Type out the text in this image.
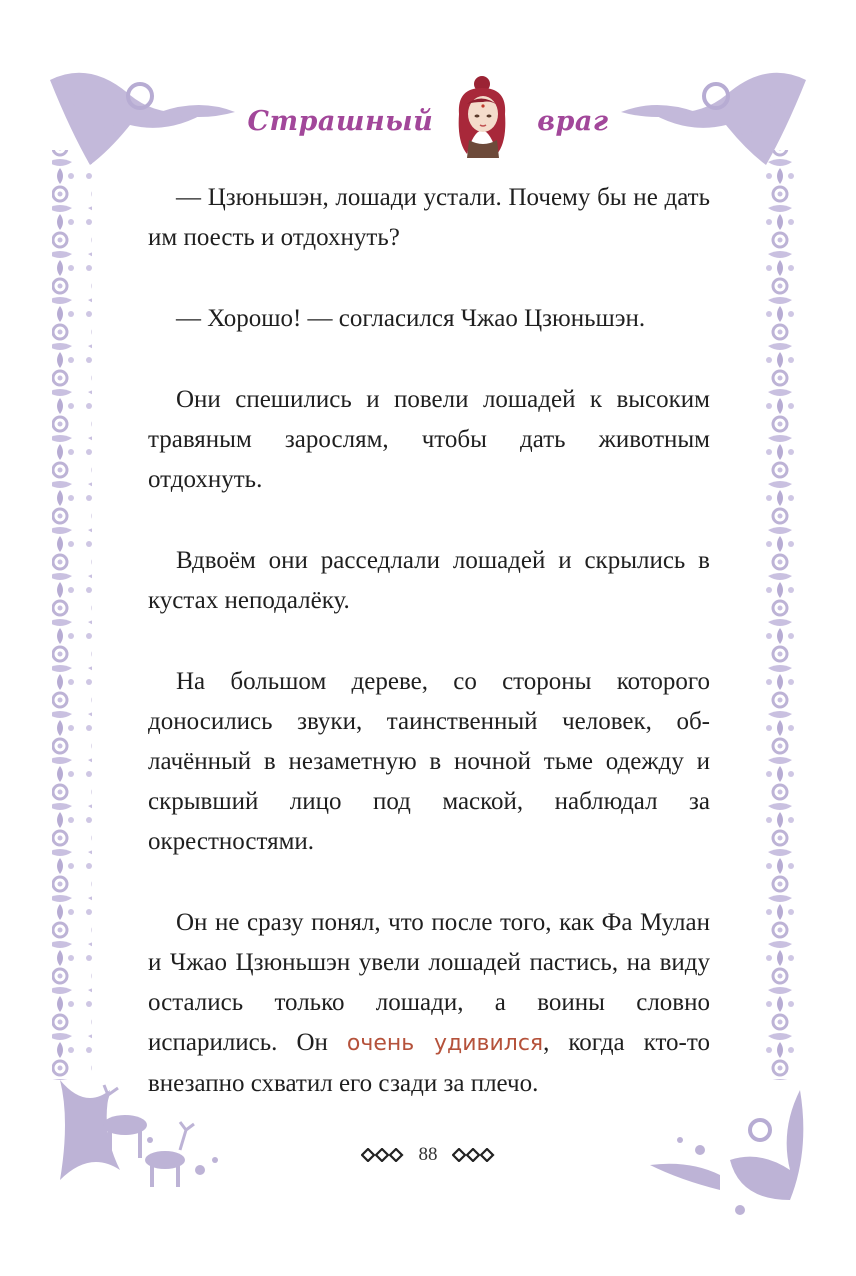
Страшный	враг

— Цзюньшэн, лошади устали. Почему бы не дать им поесть и отдохнуть?

— Хорошо! — согласился Чжао Цзюньшэн.

Они спешились и повели лошадей к высоким травяным зарослям, чтобы дать животным отдохнуть.

Вдвоём они расседлали лошадей и скрылись в кустах неподалёку.

На большом дереве, со стороны которого доносились звуки, таинственный человек, облачённый в незаметную в ночной тьме одежду и скрывший лицо под маской, наблюдал за окрестностями.

Он не сразу понял, что после того, как Фа Мулан и Чжао Цзюньшэн увели лошадей пастись, на виду остались только лошади, а воины словно испарились. Он очень удивился, когда кто-то внезапно схватил его сзади за плечо.

88
